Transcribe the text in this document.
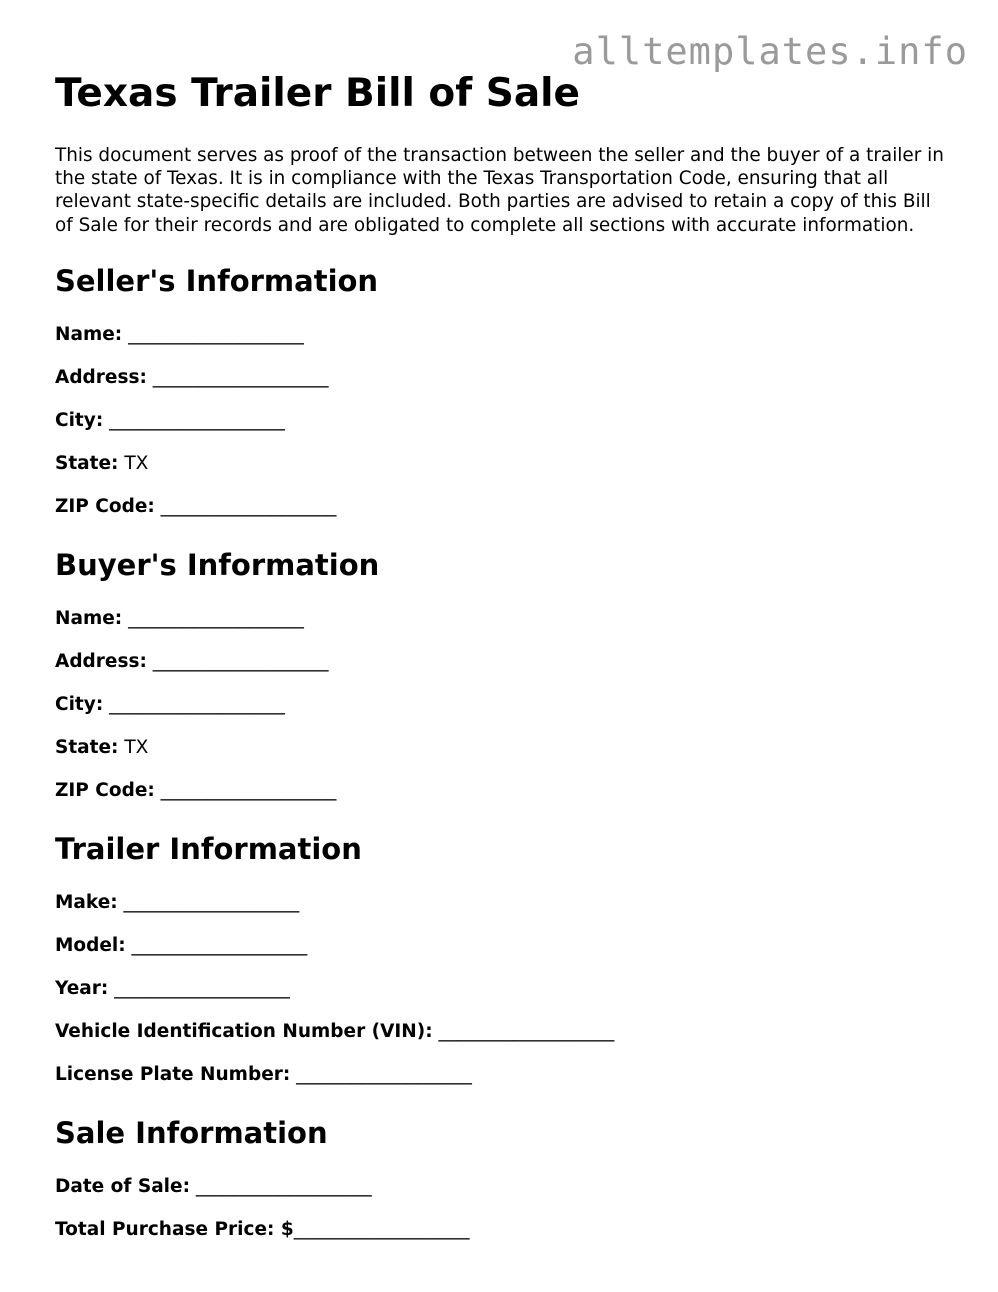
alltemplates.info
Texas Trailer Bill of Sale

This document serves as proof of the transaction between the seller and the buyer of a trailer in the state of Texas. It is in compliance with the Texas Transportation Code, ensuring that all relevant state-specific details are included. Both parties are advised to retain a copy of this Bill of Sale for their records and are obligated to complete all sections with accurate information.

Seller's Information
Name: ___________________
Address: ___________________
City: ___________________
State: TX
ZIP Code: ___________________
Buyer's Information
Name: ___________________
Address: ___________________
City: ___________________
State: TX
ZIP Code: ___________________
Trailer Information
Make: ___________________
Model: ___________________
Year: ___________________
Vehicle Identification Number (VIN): ___________________
License Plate Number: ___________________
Sale Information
Date of Sale: ___________________
Total Purchase Price: $___________________
